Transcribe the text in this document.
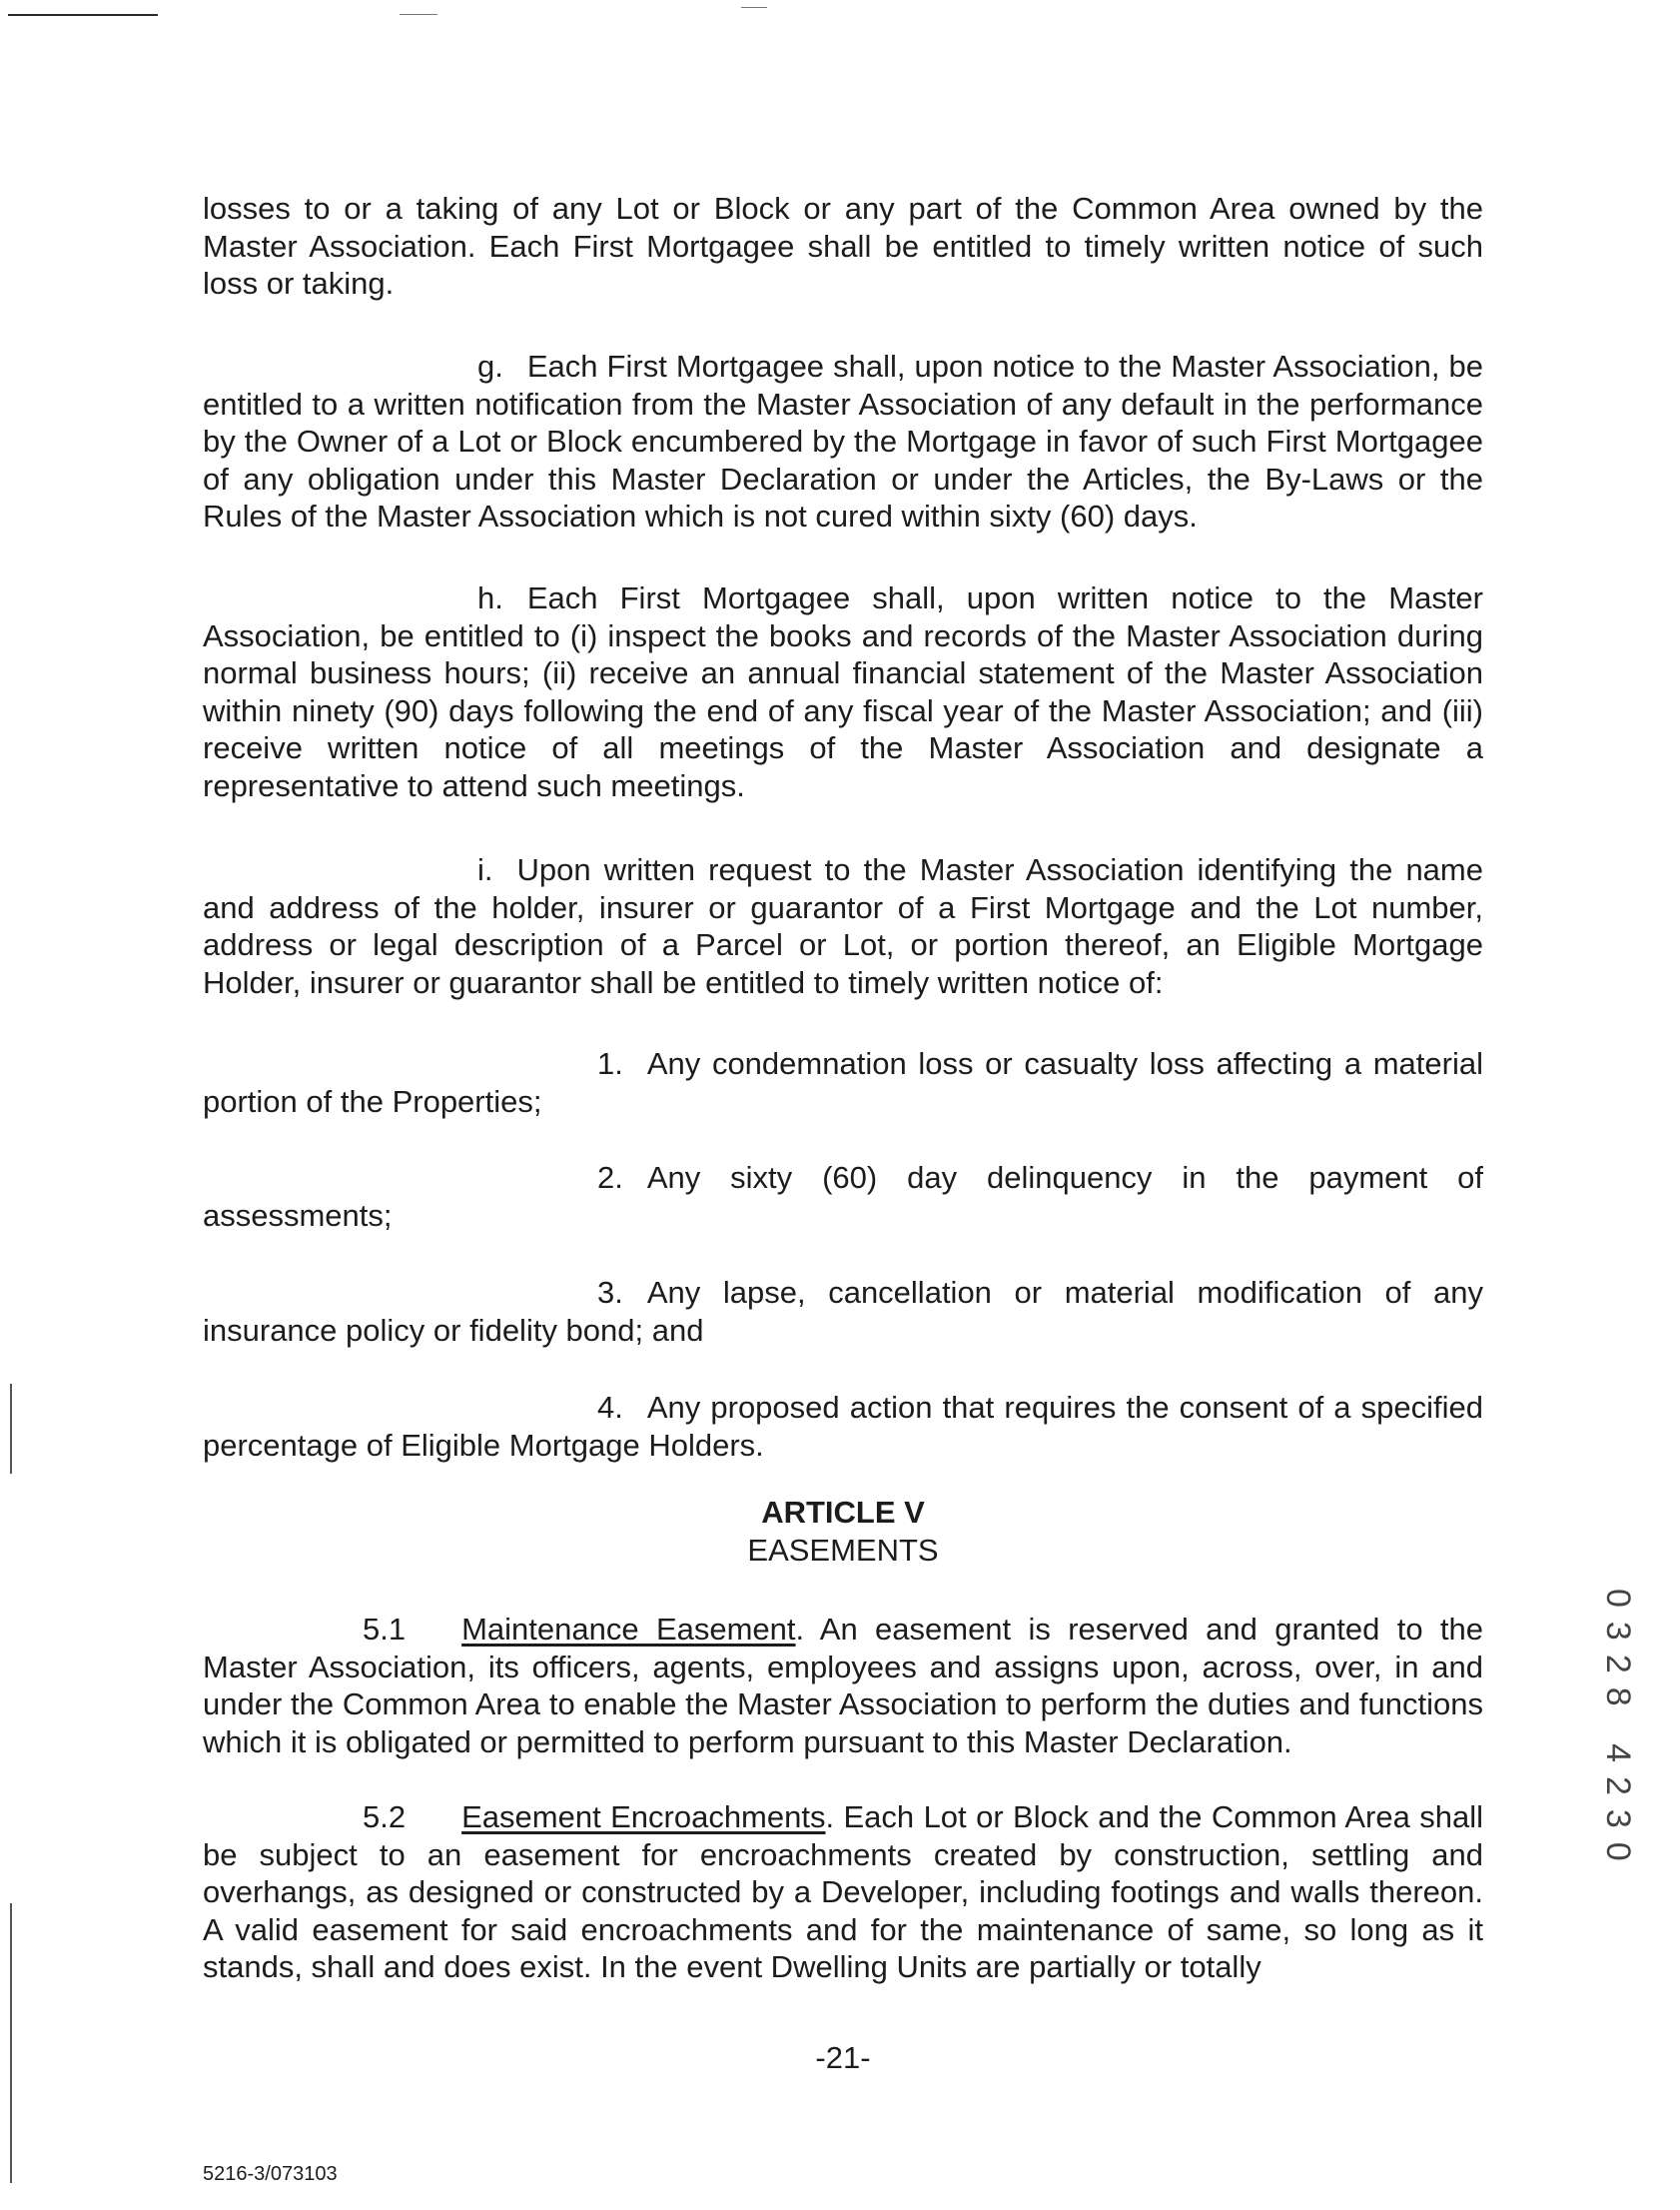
losses to or a taking of any Lot or Block or any part of the Common Area owned by the Master Association. Each First Mortgagee shall be entitled to timely written notice of such loss or taking.
g. Each First Mortgagee shall, upon notice to the Master Association, be entitled to a written notification from the Master Association of any default in the performance by the Owner of a Lot or Block encumbered by the Mortgage in favor of such First Mortgagee of any obligation under this Master Declaration or under the Articles, the By-Laws or the Rules of the Master Association which is not cured within sixty (60) days.
h. Each First Mortgagee shall, upon written notice to the Master Association, be entitled to (i) inspect the books and records of the Master Association during normal business hours; (ii) receive an annual financial statement of the Master Association within ninety (90) days following the end of any fiscal year of the Master Association; and (iii) receive written notice of all meetings of the Master Association and designate a representative to attend such meetings.
i. Upon written request to the Master Association identifying the name and address of the holder, insurer or guarantor of a First Mortgage and the Lot number, address or legal description of a Parcel or Lot, or portion thereof, an Eligible Mortgage Holder, insurer or guarantor shall be entitled to timely written notice of:
1. Any condemnation loss or casualty loss affecting a material portion of the Properties;
2. Any sixty (60) day delinquency in the payment of assessments;
3. Any lapse, cancellation or material modification of any insurance policy or fidelity bond; and
4. Any proposed action that requires the consent of a specified percentage of Eligible Mortgage Holders.
ARTICLE V
EASEMENTS
5.1 Maintenance Easement. An easement is reserved and granted to the Master Association, its officers, agents, employees and assigns upon, across, over, in and under the Common Area to enable the Master Association to perform the duties and functions which it is obligated or permitted to perform pursuant to this Master Declaration.
5.2 Easement Encroachments. Each Lot or Block and the Common Area shall be subject to an easement for encroachments created by construction, settling and overhangs, as designed or constructed by a Developer, including footings and walls thereon. A valid easement for said encroachments and for the maintenance of same, so long as it stands, shall and does exist. In the event Dwelling Units are partially or totally
-21-
5216-3/073103
0328 4230
